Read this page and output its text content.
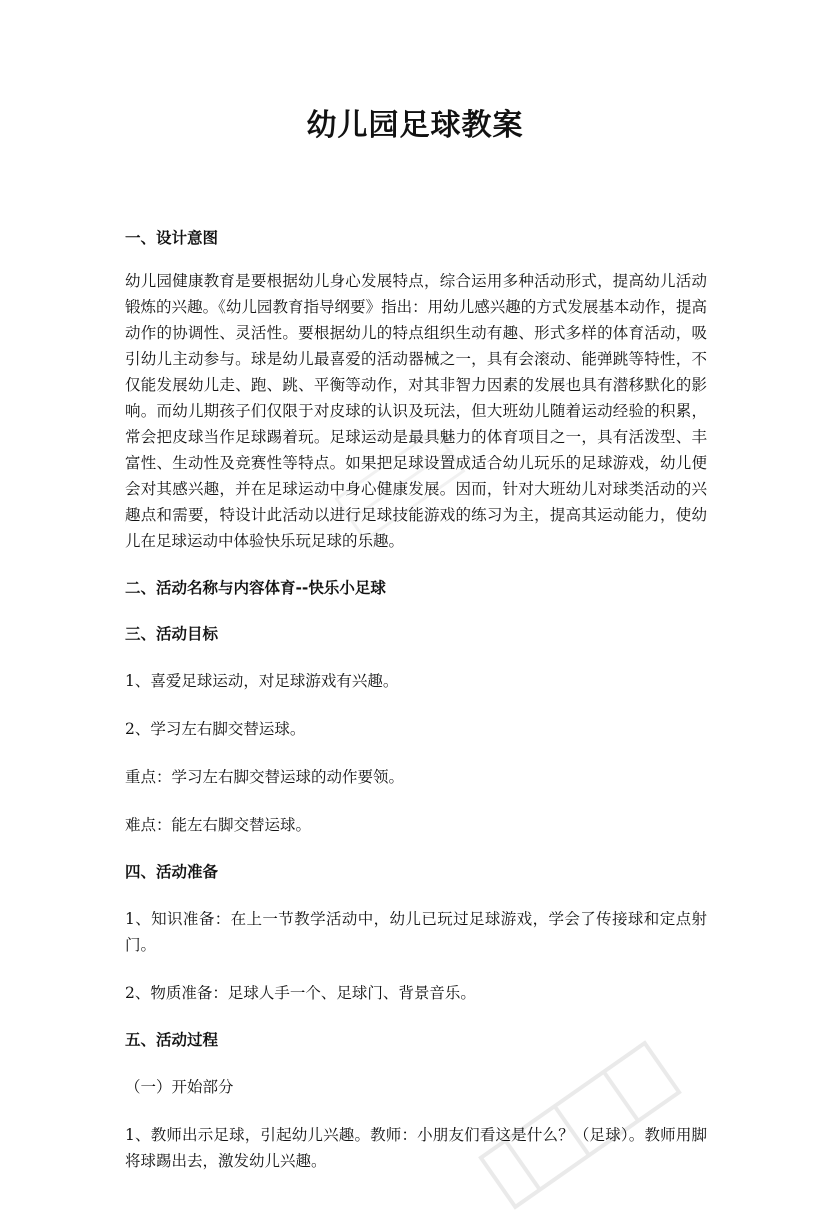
幼儿园足球教案

一、设计意图

幼儿园健康教育是要根据幼儿身心发展特点，综合运用多种活动形式，提高幼儿活动锻炼的兴趣。《幼儿园教育指导纲要》指出：用幼儿感兴趣的方式发展基本动作，提高动作的协调性、灵活性。要根据幼儿的特点组织生动有趣、形式多样的体育活动，吸引幼儿主动参与。球是幼儿最喜爱的活动器械之一，具有会滚动、能弹跳等特性，不仅能发展幼儿走、跑、跳、平衡等动作，对其非智力因素的发展也具有潜移默化的影响。而幼儿期孩子们仅限于对皮球的认识及玩法，但大班幼儿随着运动经验的积累，常会把皮球当作足球踢着玩。足球运动是最具魅力的体育项目之一，具有活泼型、丰富性、生动性及竞赛性等特点。如果把足球设置成适合幼儿玩乐的足球游戏，幼儿便会对其感兴趣，并在足球运动中身心健康发展。因而，针对大班幼儿对球类活动的兴趣点和需要，特设计此活动以进行足球技能游戏的练习为主，提高其运动能力，使幼儿在足球运动中体验快乐玩足球的乐趣。

二、活动名称与内容体育--快乐小足球

三、活动目标

1、喜爱足球运动，对足球游戏有兴趣。

2、学习左右脚交替运球。

重点：学习左右脚交替运球的动作要领。

难点：能左右脚交替运球。

四、活动准备

1、知识准备：在上一节教学活动中，幼儿已玩过足球游戏，学会了传接球和定点射门。

2、物质准备：足球人手一个、足球门、背景音乐。

五、活动过程

（一）开始部分

1、教师出示足球，引起幼儿兴趣。教师：小朋友们看这是什么？（足球）。教师用脚将球踢出去，激发幼儿兴趣。
